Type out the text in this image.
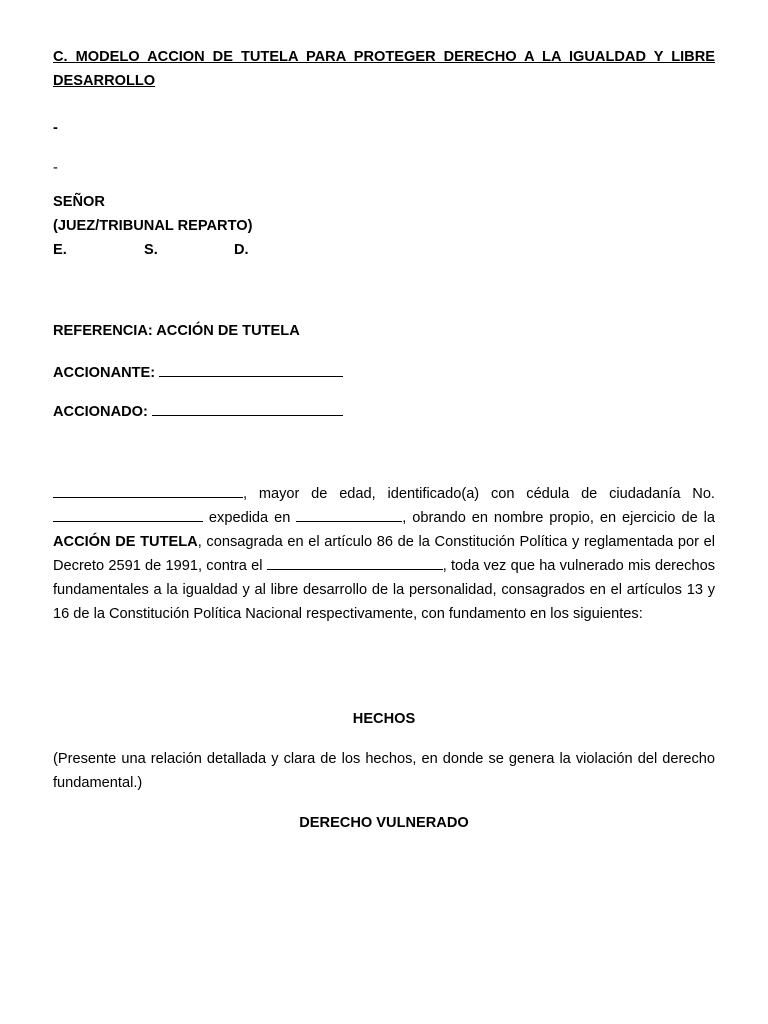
C. MODELO ACCION DE TUTELA PARA PROTEGER DERECHO A LA IGUALDAD Y LIBRE DESARROLLO
-
-
SEÑOR
(JUEZ/TRIBUNAL REPARTO)
E.	S.	D.
REFERENCIA: ACCIÓN DE TUTELA
ACCIONANTE:
ACCIONADO:
, mayor de edad, identificado(a) con cédula de ciudadanía No.  expedida en	, obrando en nombre propio, en ejercicio de la ACCIÓN DE TUTELA, consagrada en el artículo 86 de la Constitución Política y reglamentada por el Decreto 2591 de 1991, contra el	, toda vez que ha vulnerado mis derechos fundamentales a la igualdad y al libre desarrollo de la personalidad, consagrados en el artículos 13 y 16 de la Constitución Política Nacional respectivamente, con fundamento en los siguientes:
HECHOS
(Presente una relación detallada y clara de los hechos, en donde se genera la violación del derecho fundamental.)
DERECHO VULNERADO
